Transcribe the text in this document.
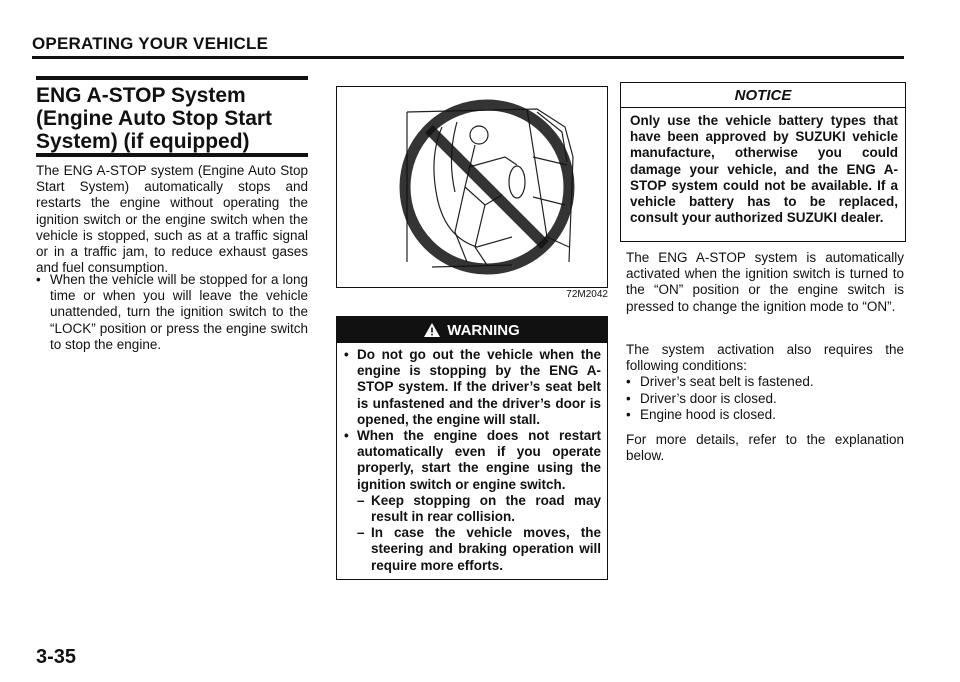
OPERATING YOUR VEHICLE
ENG A-STOP System (Engine Auto Stop Start System) (if equipped)
The ENG A-STOP system (Engine Auto Stop Start System) automatically stops and restarts the engine without operating the ignition switch or the engine switch when the vehicle is stopped, such as at a traffic signal or in a traffic jam, to reduce exhaust gases and fuel consumption.
• When the vehicle will be stopped for a long time or when you will leave the vehicle unattended, turn the ignition switch to the “LOCK” position or press the engine switch to stop the engine.
3-35
72M2042
WARNING
• Do not go out the vehicle when the engine is stopping by the ENG A-STOP system. If the driver’s seat belt is unfastened and the driver’s door is opened, the engine will stall.
• When the engine does not restart automatically even if you operate properly, start the engine using the ignition switch or engine switch.
– Keep stopping on the road may result in rear collision.
– In case the vehicle moves, the steering and braking operation will require more efforts.
NOTICE
Only use the vehicle battery types that have been approved by SUZUKI vehicle manufacture, otherwise you could damage your vehicle, and the ENG A-STOP system could not be available. If a vehicle battery has to be replaced, consult your authorized SUZUKI dealer.
The ENG A-STOP system is automatically activated when the ignition switch is turned to the “ON” position or the engine switch is pressed to change the ignition mode to “ON”.
The system activation also requires the following conditions:
• Driver’s seat belt is fastened.
• Driver’s door is closed.
• Engine hood is closed.
For more details, refer to the explanation below.
